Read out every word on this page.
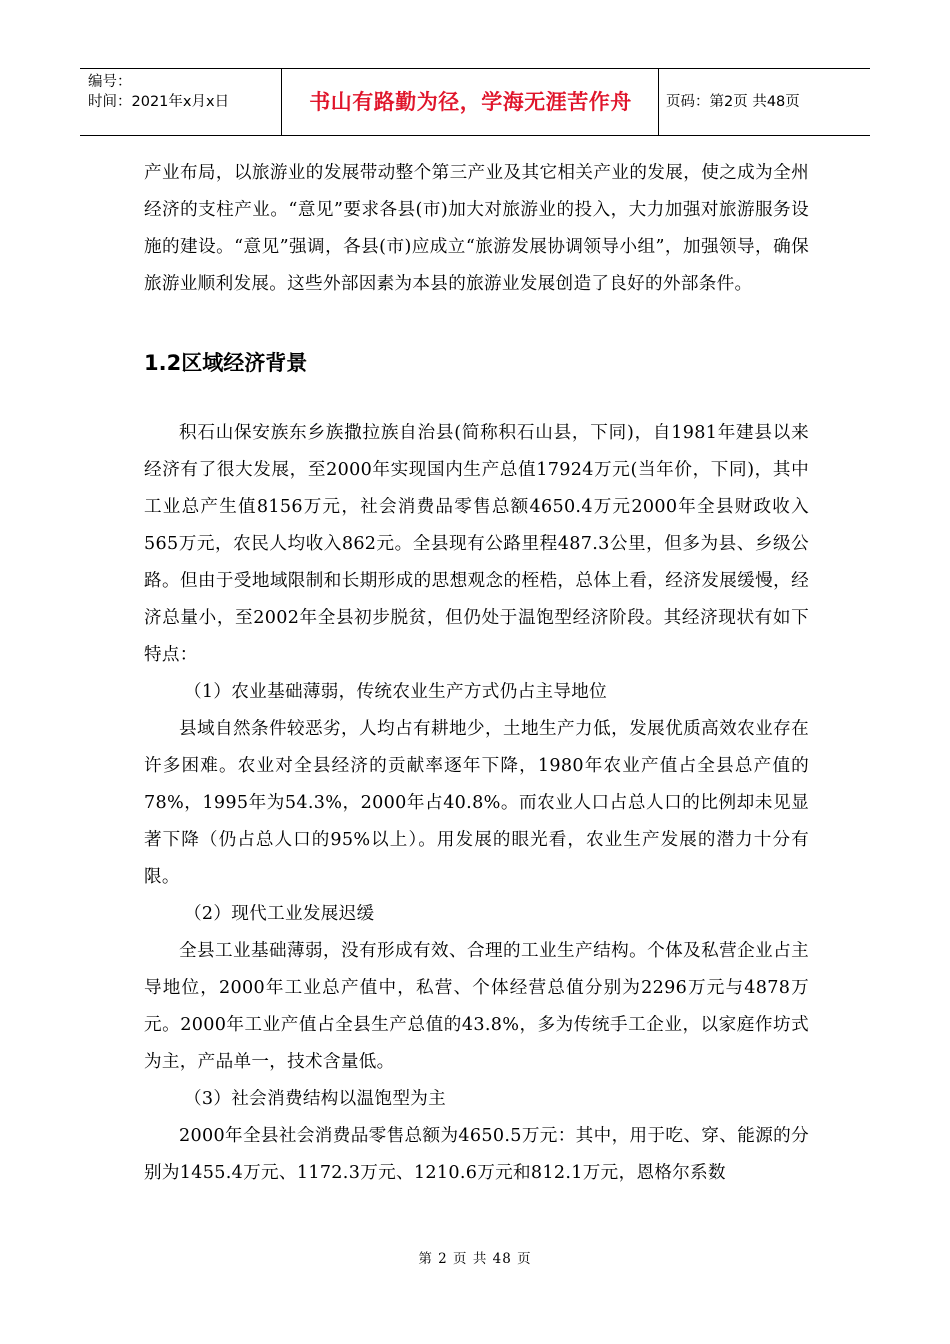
编号：
时间：2021年x月x日	书山有路勤为径，学海无涯苦作舟	页码：第2页 共48页

产业布局，以旅游业的发展带动整个第三产业及其它相关产业的发展，使之成为全州经济的支柱产业。“意见”要求各县(市)加大对旅游业的投入，大力加强对旅游服务设施的建设。“意见”强调，各县(市)应成立“旅游发展协调领导小组”，加强领导，确保旅游业顺利发展。这些外部因素为本县的旅游业发展创造了良好的外部条件。

1.2区域经济背景

积石山保安族东乡族撒拉族自治县(简称积石山县，下同)，自1981年建县以来经济有了很大发展，至2000年实现国内生产总值17924万元(当年价，下同)，其中工业总产生值8156万元，社会消费品零售总额4650.4万元2000年全县财政收入565万元，农民人均收入862元。全县现有公路里程487.3公里，但多为县、乡级公路。但由于受地域限制和长期形成的思想观念的桎梏，总体上看，经济发展缓慢，经济总量小，至2002年全县初步脱贫，但仍处于温饱型经济阶段。其经济现状有如下特点：

（1）农业基础薄弱，传统农业生产方式仍占主导地位

县域自然条件较恶劣，人均占有耕地少，土地生产力低，发展优质高效农业存在许多困难。农业对全县经济的贡献率逐年下降，1980年农业产值占全县总产值的78%，1995年为54.3%，2000年占40.8%。而农业人口占总人口的比例却未见显著下降（仍占总人口的95%以上）。用发展的眼光看，农业生产发展的潜力十分有限。

（2）现代工业发展迟缓

全县工业基础薄弱，没有形成有效、合理的工业生产结构。个体及私营企业占主导地位，2000年工业总产值中，私营、个体经营总值分别为2296万元与4878万元。2000年工业产值占全县生产总值的43.8%，多为传统手工企业，以家庭作坊式为主，产品单一，技术含量低。

（3）社会消费结构以温饱型为主

2000年全县社会消费品零售总额为4650.5万元：其中，用于吃、穿、能源的分别为1455.4万元、1172.3万元、1210.6万元和812.1万元，恩格尔系数

第 2 页 共 48 页
